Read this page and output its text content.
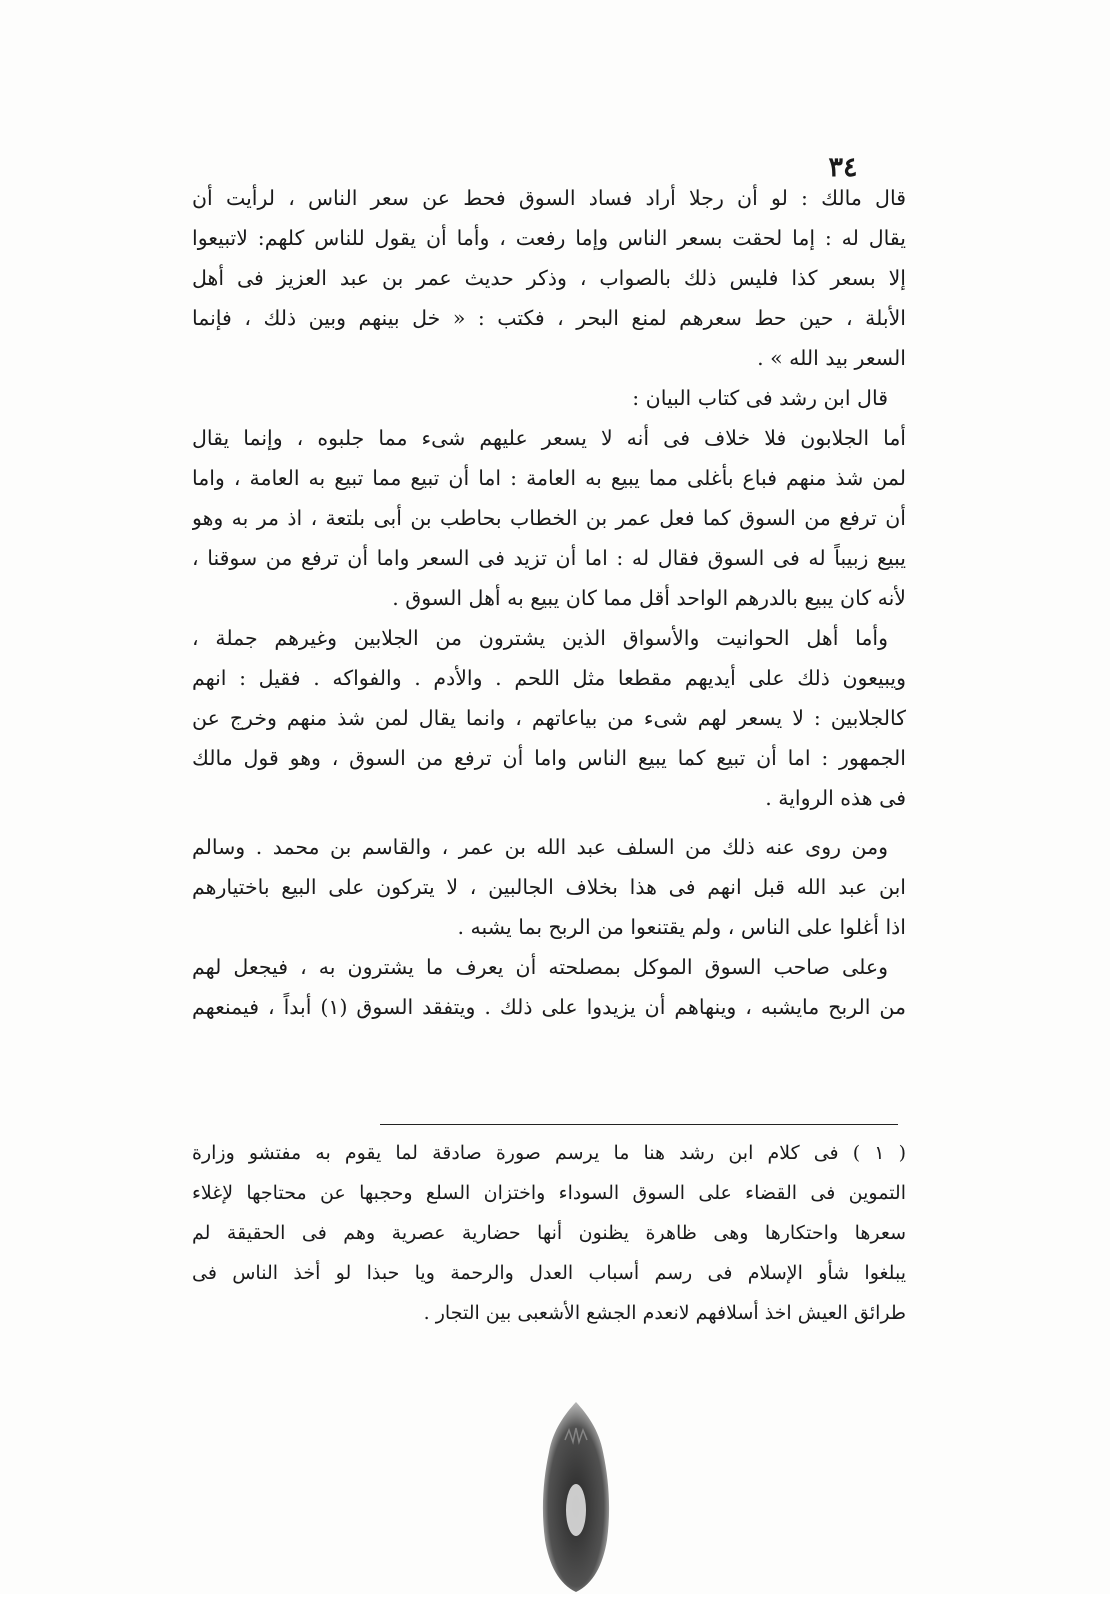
٣٤
قال مالك : لو أن رجلا أراد فساد السوق فحط عن سعر الناس ، لرأيت أن
يقال له : إما لحقت بسعر الناس وإما رفعت ، وأما أن يقول للناس كلهم: لاتبيعوا
إلا بسعر كذا فليس ذلك بالصواب ، وذكر حديث عمر بن عبد العزيز فى أهل
الأبلة ، حين حط سعرهم لمنع البحر ، فكتب : « خل بينهم وبين ذلك ، فإنما
السعر بيد الله » .
قال ابن رشد فى كتاب البيان :
أما الجلابون فلا خلاف فى أنه لا يسعر عليهم شىء مما جلبوه ، وإنما يقال
لمن شذ منهم فباع بأغلى مما يبيع به العامة : اما أن تبيع مما تبيع به العامة ، واما
أن ترفع من السوق كما فعل عمر بن الخطاب بحاطب بن أبى بلتعة ، اذ مر به وهو
يبيع زبيباً له فى السوق فقال له : اما أن تزيد فى السعر واما أن ترفع من سوقنا ،
لأنه كان يبيع بالدرهم الواحد أقل مما كان يبيع به أهل السوق .
وأما أهل الحوانيت والأسواق الذين يشترون من الجلابين وغيرهم جملة ،
ويبيعون ذلك على أيديهم مقطعا مثل اللحم . والأدم . والفواكه . فقيل : انهم
كالجلابين : لا يسعر لهم شىء من بياعاتهم ، وانما يقال لمن شذ منهم وخرج عن
الجمهور : اما أن تبيع كما يبيع الناس واما أن ترفع من السوق ، وهو قول مالك
فى هذه الرواية .
ومن روى عنه ذلك من السلف عبد الله بن عمر ، والقاسم بن محمد . وسالم
ابن عبد الله قبل انهم فى هذا بخلاف الجالبين ، لا يتركون على البيع باختيارهم
اذا أغلوا على الناس ، ولم يقتنعوا من الربح بما يشبه .
وعلى صاحب السوق الموكل بمصلحته أن يعرف ما يشترون به ، فيجعل لهم
من الربح مايشبه ، وينهاهم أن يزيدوا على ذلك . ويتفقد السوق (١) أبداً ، فيمنعهم
( ١ ) فى كلام ابن رشد هنا ما يرسم صورة صادقة لما يقوم به مفتشو وزارة
التموين فى القضاء على السوق السوداء واختزان السلع وحجبها عن محتاجها لإغلاء
سعرها واحتكارها وهى ظاهرة يظنون أنها حضارية عصرية وهم فى الحقيقة لم
يبلغوا شأو الإسلام فى رسم أسباب العدل والرحمة ويا حبذا لو أخذ الناس فى
طرائق العيش اخذ أسلافهم لانعدم الجشع الأشعبى بين التجار .
